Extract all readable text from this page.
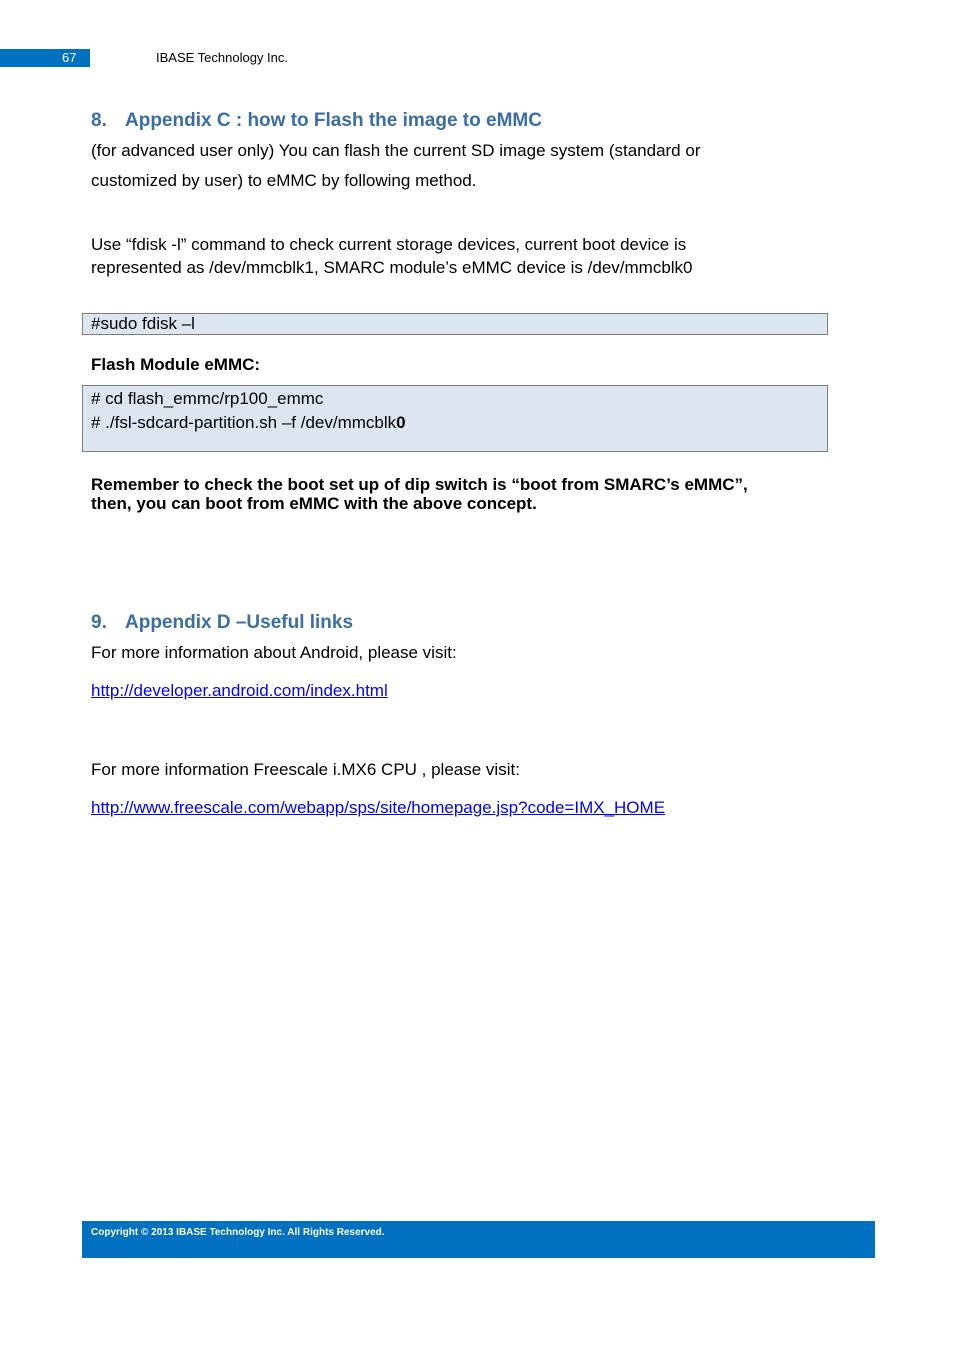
67	IBASE Technology Inc.
8. Appendix C : how to Flash the image to eMMC
(for advanced user only) You can flash the current SD image system (standard or
customized by user) to eMMC by following method.
Use “fdisk -l” command to check current storage devices, current boot device is
represented as /dev/mmcblk1, SMARC module’s eMMC device is /dev/mmcblk0
#sudo fdisk –l
Flash Module eMMC:
# cd flash_emmc/rp100_emmc
# ./fsl-sdcard-partition.sh –f /dev/mmcblk0
Remember to check the boot set up of dip switch is “boot from SMARC’s eMMC”,
then, you can boot from eMMC with the above concept.
9. Appendix D –Useful links
For more information about Android, please visit:
http://developer.android.com/index.html
For more information Freescale i.MX6 CPU , please visit:
http://www.freescale.com/webapp/sps/site/homepage.jsp?code=IMX_HOME
Copyright © 2013 IBASE Technology Inc. All Rights Reserved.
